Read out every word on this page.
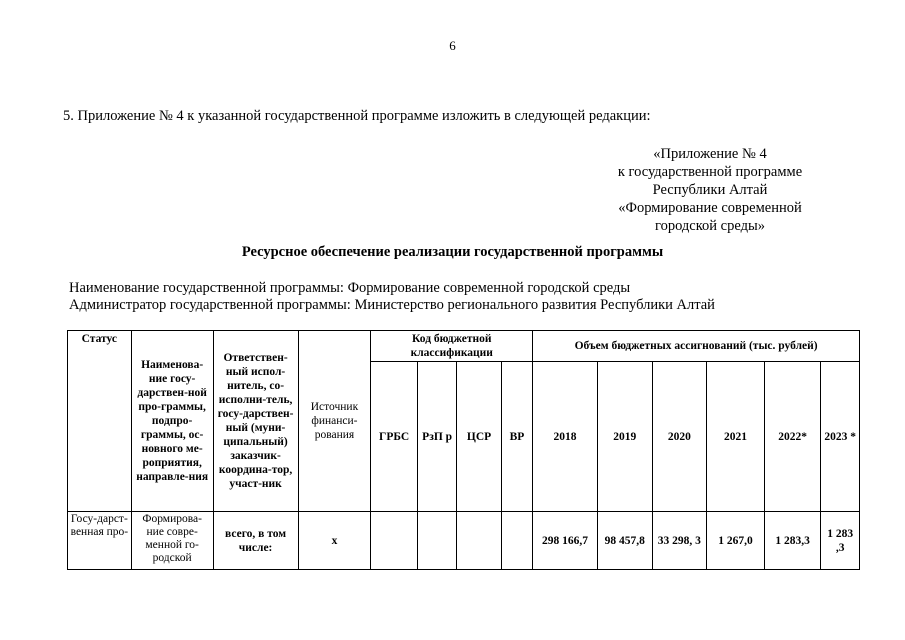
6
5. Приложение № 4 к указанной государственной программе изложить в следующей редакции:
«Приложение № 4
к государственной программе
Республики Алтай
«Формирование современной
городской среды»
Ресурсное обеспечение реализации государственной программы
Наименование государственной программы: Формирование современной городской среды
Администратор государственной программы: Министерство регионального развития Республики Алтай
Статус	Наименова-ние госу-дарствен-ной про-граммы, подпро-граммы, ос-новного ме-роприятия, направле-ния	Ответствен-ный испол-нитель, со-исполни-тель, госу-дарствен-ный (муни-ципальный) заказчик-координа-тор, участ-ник	Источник финанси-рования	Код бюджетной классификации				Объем бюджетных ассигнований (тыс. рублей)					
				ГРБС	РзП р	ЦСР	ВР	2018	2019	2020	2021	2022*	2023 *
Госу-дарст-венная про-	Формирова-ние совре-менной го-родской	всего, в том числе:	х					298 166,7	98 457,8	33 298, 3	1 267,0	1 283,3	1 283 ,3
